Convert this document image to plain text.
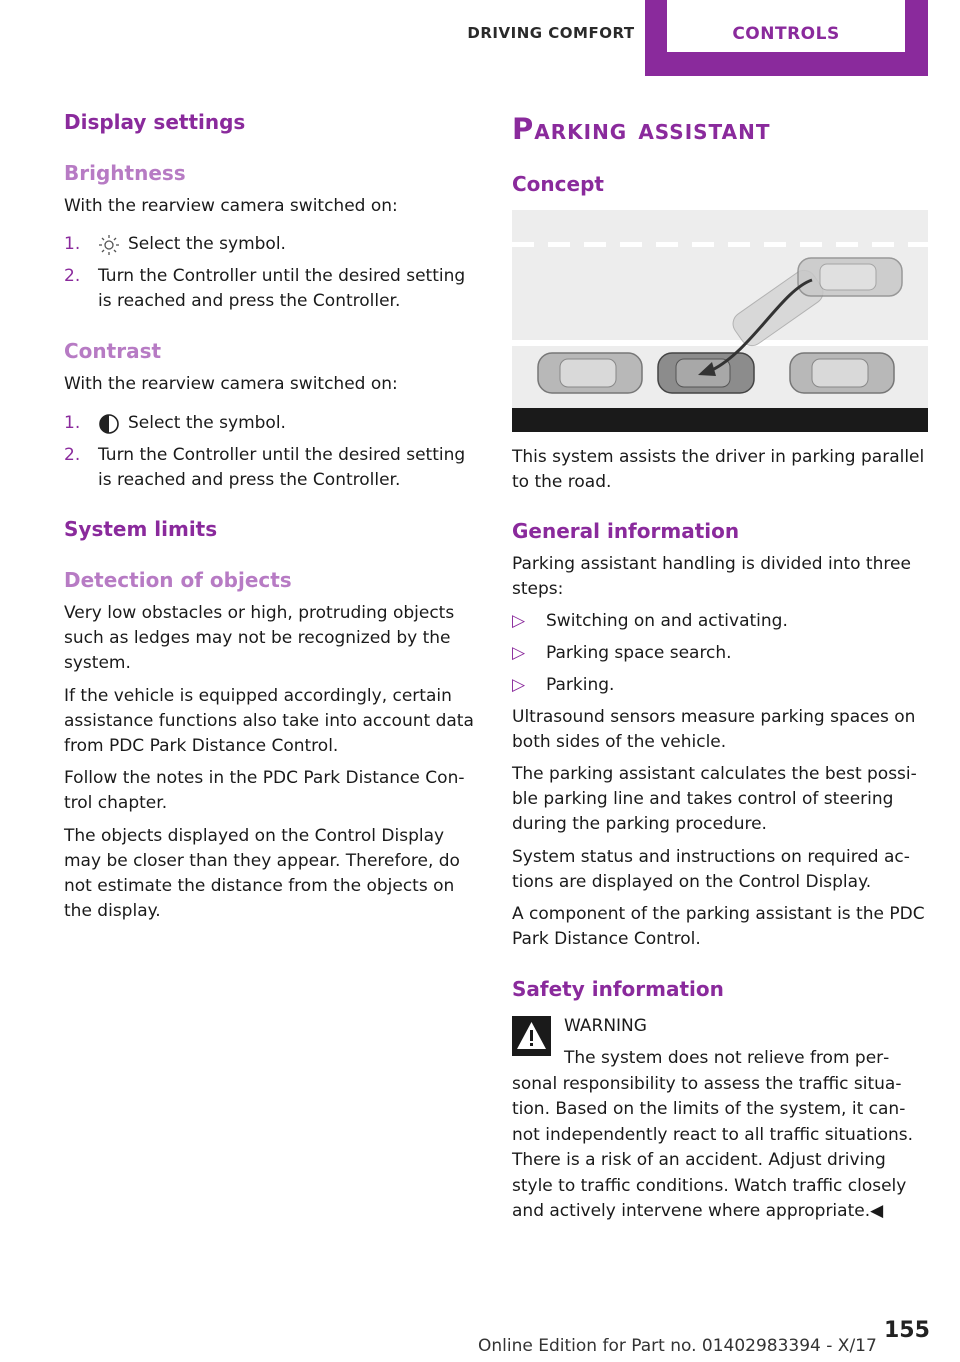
DRIVING COMFORT	CONTROLS
Display settings
Brightness

With the rearview camera switched on:

1.	Select the symbol.
2. Turn the Controller until the desired setting is reached and press the Controller.
Contrast

With the rearview camera switched on:

1.	Select the symbol.
2. Turn the Controller until the desired setting is reached and press the Controller.
System limits
Detection of objects

Very low obstacles or high, protruding objects such as ledges may not be recognized by the system.

If the vehicle is equipped accordingly, certain assistance functions also take into account data from PDC Park Distance Control.

Follow the notes in the PDC Park Distance Con‐ trol chapter.

The objects displayed on the Control Display may be closer than they appear. Therefore, do not estimate the distance from the objects on the display.

Parking assistant
Concept

This system assists the driver in parking parallel to the road.

General information

Parking assistant handling is divided into three steps:

▷ Switching on and activating.
▷ Parking space search.
▷ Parking.

Ultrasound sensors measure parking spaces on both sides of the vehicle.

The parking assistant calculates the best possi‐ ble parking line and takes control of steering during the parking procedure.

System status and instructions on required ac‐ tions are displayed on the Control Display.

A component of the parking assistant is the PDC Park Distance Control.

Safety information
WARNING
The system does not relieve from per‐ sonal responsibility to assess the traffic situa‐ tion. Based on the limits of the system, it can‐ not independently react to all traffic situations. There is a risk of an accident. Adjust driving style to traffic conditions. Watch traffic closely and actively intervene where appropriate.◀
155
Online Edition for Part no. 01402983394 - X/17
